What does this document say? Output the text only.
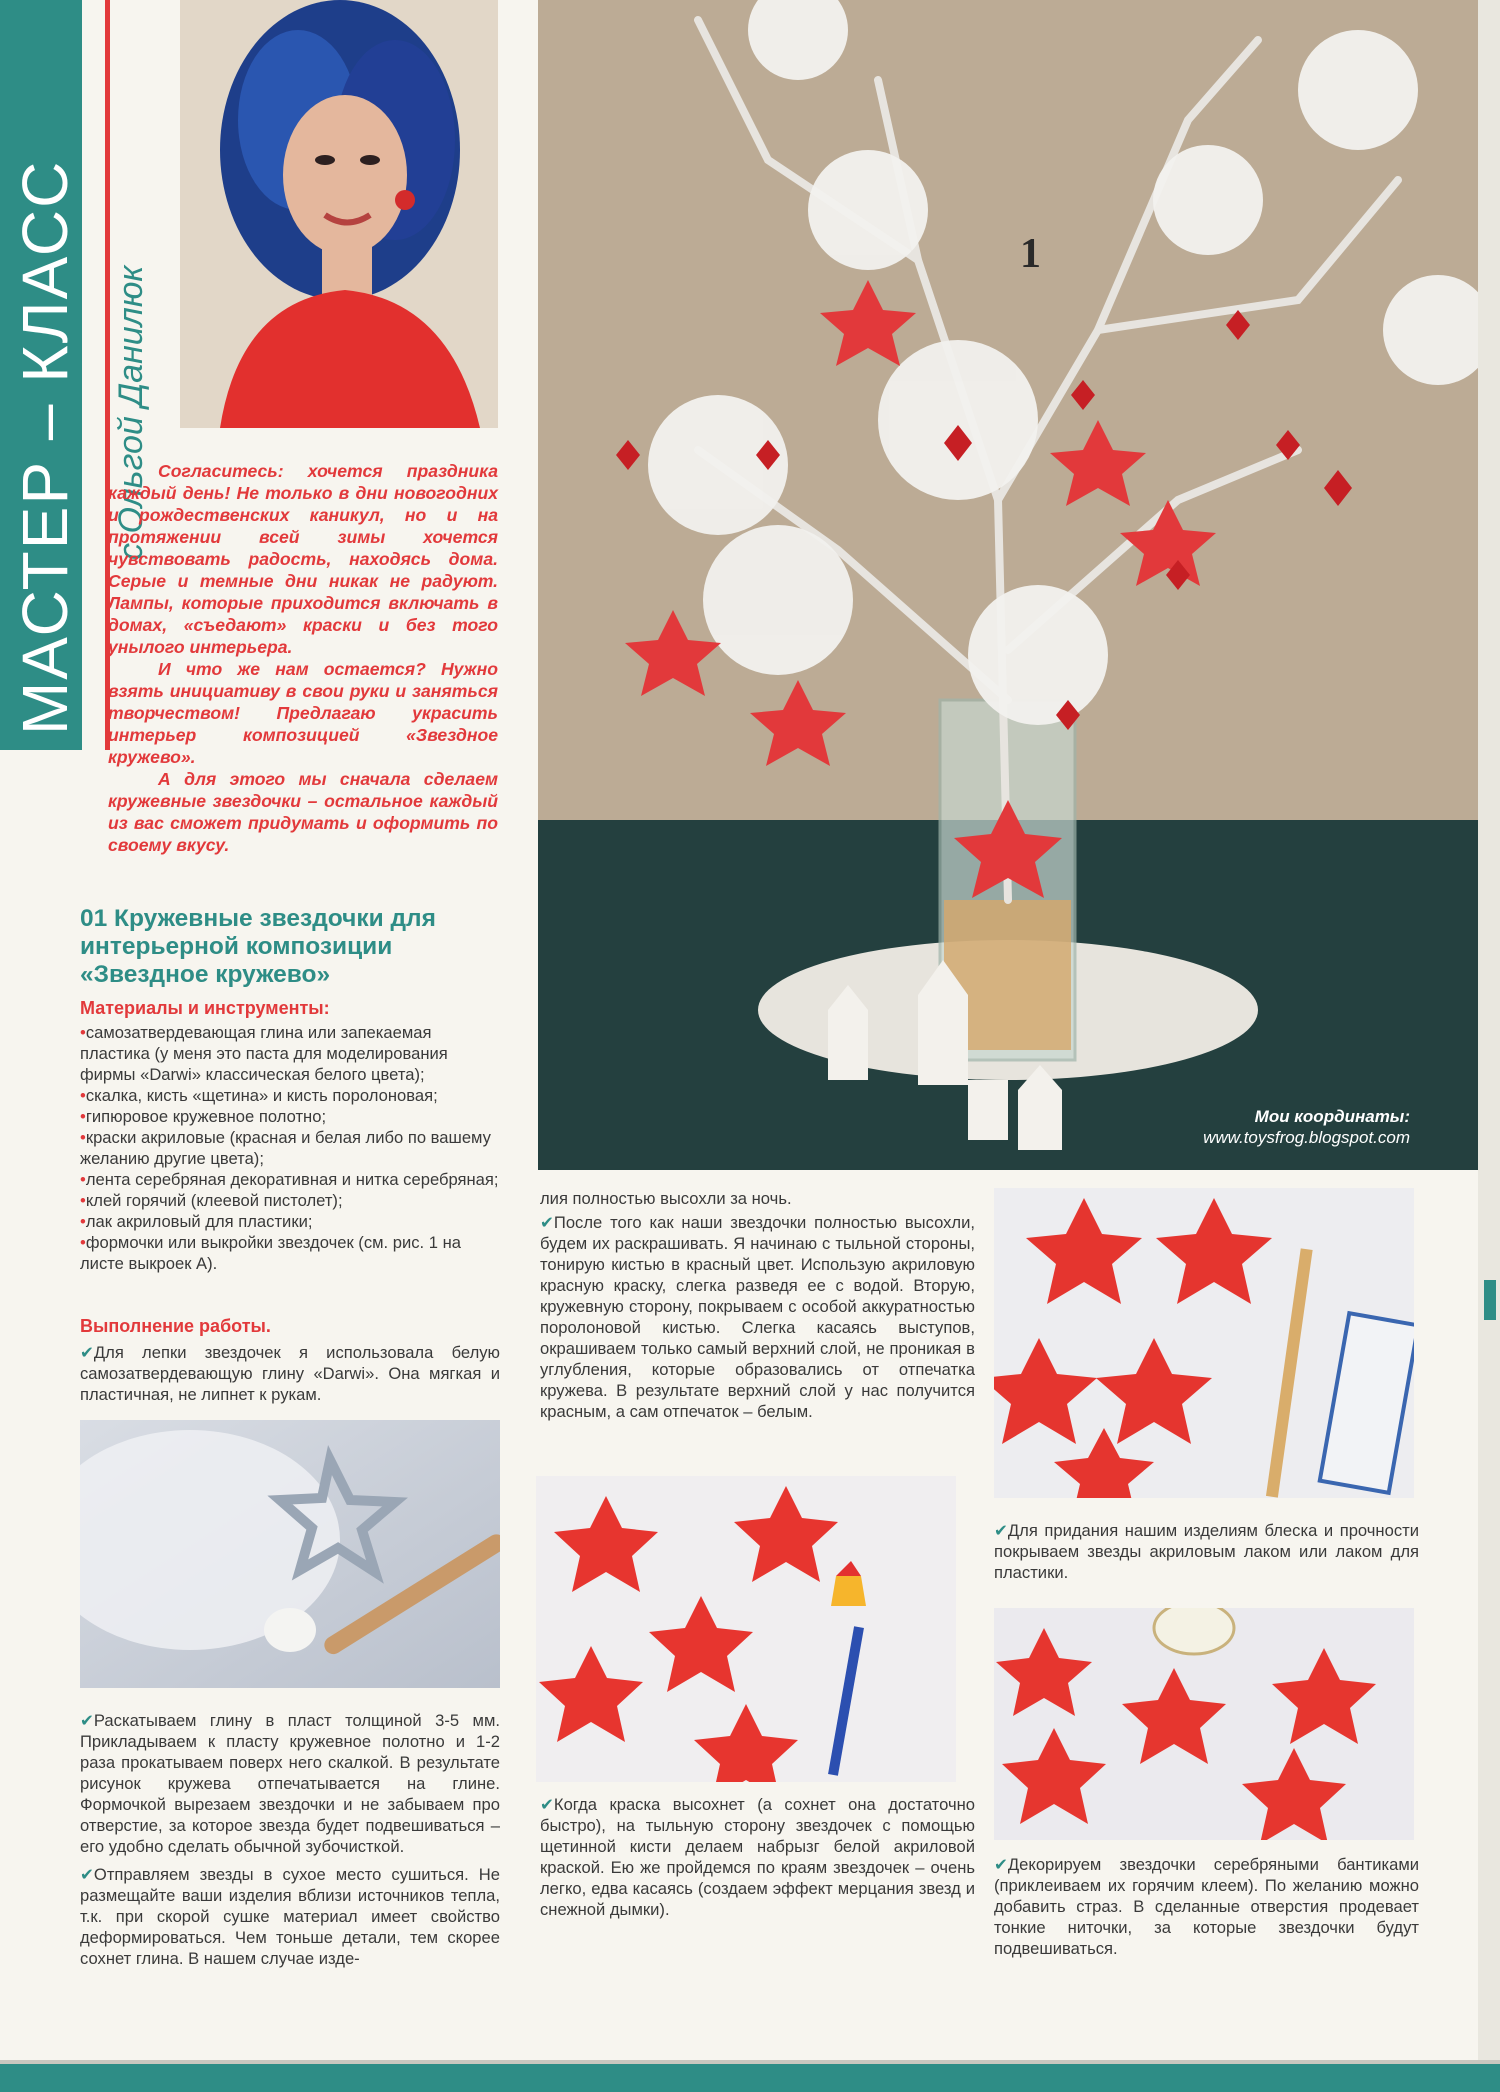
МАСТЕР – КЛАСС с Ольгой Данилюк Согласитесь: хочется праздника каждый день! Не только в дни новогодних и рождественских каникул, но и на протяжении всей зимы хочется чувствовать радость, находясь дома. Серые и темные дни никак не радуют. Лампы, которые приходится включать в домах, «съедают» краски и без того унылого интерьера.

И что же нам остается? Нужно взять инициативу в свои руки и заняться творчеством! Предлагаю украсить интерьер композицией «Звездное кружево».

А для этого мы сначала сделаем кружевные звездочки – остальное каждый из вас сможет придумать и оформить по своему вкусу.

01 Кружевные звездочки для интерьерной композиции «Звездное кружево»
Материалы и инструменты:
• самозатвердевающая глина или запекаемая пластика (у меня это паста для моделирования фирмы «Darwi» классическая белого цвета);
• скалка, кисть «щетина» и кисть поролоновая;
• гипюровое кружевное полотно;
• краски акриловые (красная и белая либо по вашему желанию другие цвета);
• лента серебряная декоративная и нитка серебряная;
• клей горячий (клеевой пистолет);
• лак акриловый для пластики;
• формочки или выкройки звездочек (см. рис. 1 на листе выкроек А).
Выполнение работы.

✔ Для лепки звездочек я использовала белую самозатвердевающую глину «Darwi». Она мягкая и пластичная, не липнет к рукам.

✔ Раскатываем глину в пласт толщиной 3-5 мм. Прикладываем к пласту кружевное полотно и 1-2 раза прокатываем поверх него скалкой. В результате рисунок кружева отпечатывается на глине. Формочкой вырезаем звездочки и не забываем про отверстие, за которое звезда будет подвешиваться – его удобно сделать обычной зубочисткой.

✔ Отправляем звезды в сухое место сушиться. Не размещайте ваши изделия вблизи источников тепла, т.к. при скорой сушке материал имеет свойство деформироваться. Чем тоньше детали, тем скорее сохнет глина. В нашем случае изде-

1
Мои координаты:
www.toysfrog.blogspot.com

лия полностью высохли за ночь.

✔ После того как наши звездочки полностью высохли, будем их раскрашивать. Я начинаю с тыльной стороны, тонирую кистью в красный цвет. Использую акриловую красную краску, слегка разведя ее с водой. Вторую, кружевную сторону, покрываем с особой аккуратностью поролоновой кистью. Слегка касаясь выступов, окрашиваем только самый верхний слой, не проникая в углубления, которые образовались от отпечатка кружева. В результате верхний слой у нас получится красным, а сам отпечаток – белым.

✔ Когда краска высохнет (а сохнет она достаточно быстро), на тыльную сторону звездочек с помощью щетинной кисти делаем набрызг белой акриловой краской. Ею же пройдемся по краям звездочек – очень легко, едва касаясь (создаем эффект мерцания звезд и снежной дымки).

✔ Для придания нашим изделиям блеска и прочности покрываем звезды акриловым лаком или лаком для пластики.

✔ Декорируем звездочки серебряными бантиками (приклеиваем их горячим клеем). По желанию можно добавить страз. В сделанные отверстия продевает тонкие ниточки, за которые звездочки будут подвешиваться.
